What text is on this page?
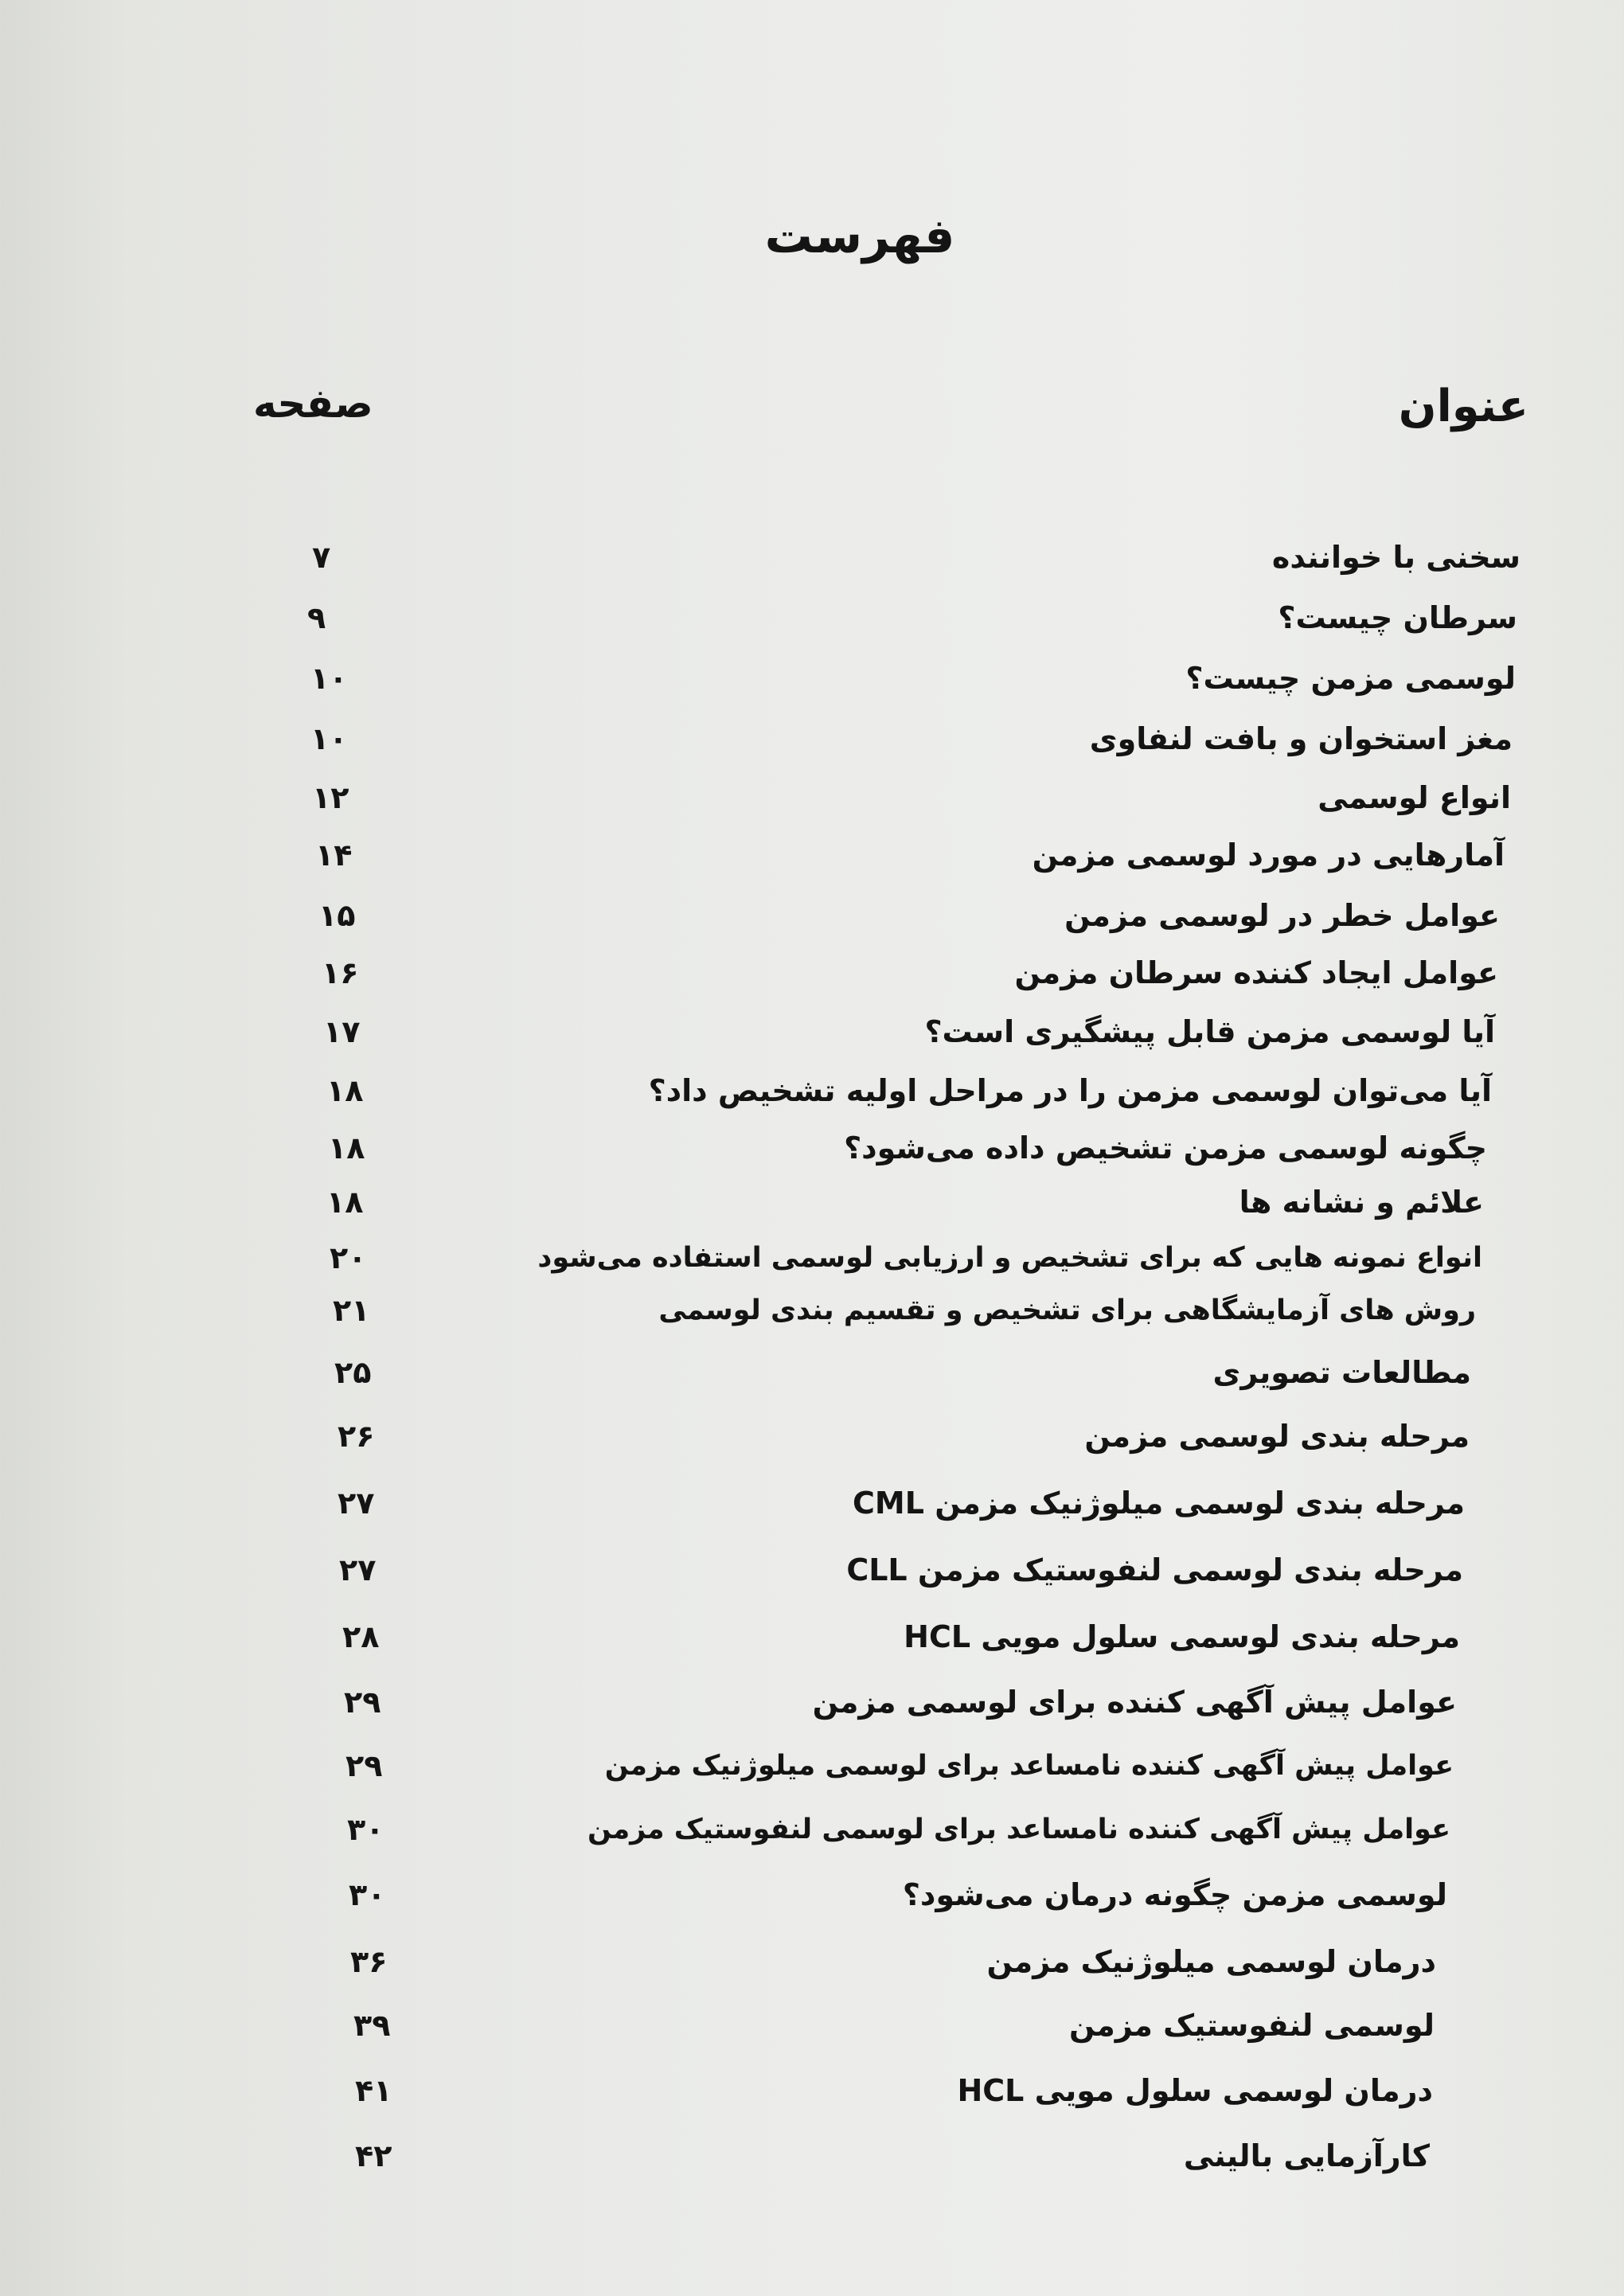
فهرست
عنوان
صفحه
سخنی با خواننده
۷
سرطان چیست؟
۹
لوسمی مزمن چیست؟
۱۰
مغز استخوان و بافت لنفاوی
۱۰
انواع لوسمی
۱۲
آمارهایی در مورد لوسمی مزمن
۱۴
عوامل خطر در لوسمی مزمن
۱۵
عوامل ایجاد کننده سرطان مزمن
۱۶
آیا لوسمی مزمن قابل پیشگیری است؟
۱۷
آیا می‌توان لوسمی مزمن را در مراحل اولیه تشخیص داد؟
۱۸
چگونه لوسمی مزمن تشخیص داده می‌شود؟
۱۸
علائم و نشانه ها
۱۸
انواع نمونه هایی که برای تشخیص و ارزیابی لوسمی استفاده می‌شود
۲۰
روش های آزمایشگاهی برای تشخیص و تقسیم بندی لوسمی
۲۱
مطالعات تصویری
۲۵
مرحله بندی لوسمی مزمن
۲۶
مرحله بندی لوسمی میلوژنیک مزمن CML
۲۷
مرحله بندی لوسمی لنفوستیک مزمن CLL
۲۷
مرحله بندی لوسمی سلول مویی HCL
۲۸
عوامل پیش آگهی کننده برای لوسمی مزمن
۲۹
عوامل پیش آگهی کننده نامساعد برای لوسمی میلوژنیک مزمن
۲۹
عوامل پیش آگهی کننده نامساعد برای لوسمی لنفوستیک مزمن
۳۰
لوسمی مزمن چگونه درمان می‌شود؟
۳۰
درمان لوسمی میلوژنیک مزمن
۳۶
لوسمی لنفوستیک مزمن
۳۹
درمان لوسمی سلول مویی HCL
۴۱
کارآزمایی بالینی
۴۲
